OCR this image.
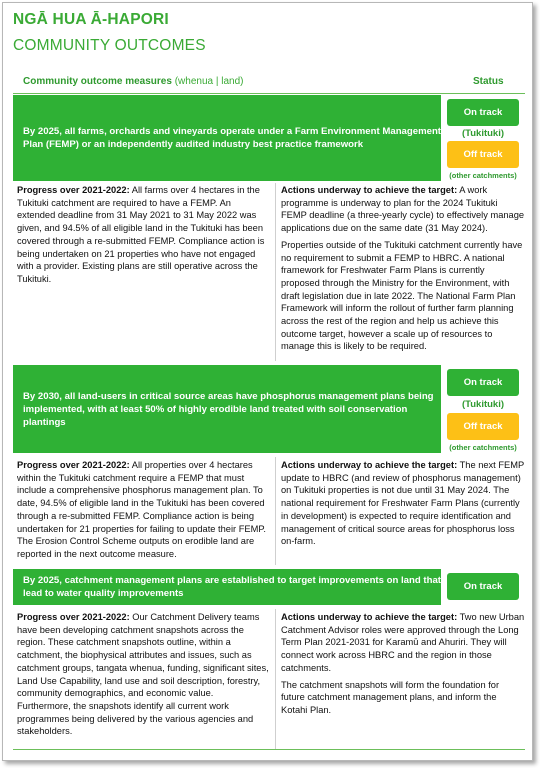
NGĀ HUA Ā-HAPORI
COMMUNITY OUTCOMES
Community outcome measures (whenua | land)	Status
By 2025, all farms, orchards and vineyards operate under a Farm Environment Management Plan (FEMP) or an independently audited industry best practice framework
On track
(Tukituki)
Off track
(other catchments)

Progress over 2021-2022: All farms over 4 hectares in the Tukituki catchment are required to have a FEMP. An extended deadline from 31 May 2021 to 31 May 2022 was given, and 94.5% of all eligible land in the Tukituki has been covered through a re-submitted FEMP. Compliance action is being undertaken on 21 properties who have not engaged with a provider. Existing plans are still operative across the Tukituki.

Actions underway to achieve the target: A work programme is underway to plan for the 2024 Tukituki FEMP deadline (a three-yearly cycle) to effectively manage applications due on the same date (31 May 2024).

Properties outside of the Tukituki catchment currently have no requirement to submit a FEMP to HBRC. A national framework for Freshwater Farm Plans is currently proposed through the Ministry for the Environment, with draft legislation due in late 2022. The National Farm Plan Framework will inform the rollout of further farm planning across the rest of the region and help us achieve this outcome target, however a scale up of resources to manage this is likely to be required.

By 2030, all land-users in critical source areas have phosphorus management plans being implemented, with at least 50% of highly erodible land treated with soil conservation plantings
On track
(Tukituki)
Off track
(other catchments)

Progress over 2021-2022: All properties over 4 hectares within the Tukituki catchment require a FEMP that must include a comprehensive phosphorus management plan. To date, 94.5% of eligible land in the Tukituki has been covered through a re-submitted FEMP. Compliance action is being undertaken for 21 properties for failing to update their FEMP. The Erosion Control Scheme outputs on erodible land are reported in the next outcome measure.

Actions underway to achieve the target: The next FEMP update to HBRC (and review of phosphorus management) on Tukituki properties is not due until 31 May 2024. The national requirement for Freshwater Farm Plans (currently in development) is expected to require identification and management of critical source areas for phosphorus loss on-farm.

By 2025, catchment management plans are established to target improvements on land that lead to water quality improvements
On track

Progress over 2021-2022: Our Catchment Delivery teams have been developing catchment snapshots across the region. These catchment snapshots outline, within a catchment, the biophysical attributes and issues, such as catchment groups, tangata whenua, funding, significant sites, Land Use Capability, land use and soil description, forestry, community demographics, and economic value. Furthermore, the snapshots identify all current work programmes being delivered by the various agencies and stakeholders.

Actions underway to achieve the target: Two new Urban Catchment Advisor roles were approved through the Long Term Plan 2021-2031 for Karamū and Ahuriri. They will connect work across HBRC and the region in those catchments.

The catchment snapshots will form the foundation for future catchment management plans, and inform the Kotahi Plan.
